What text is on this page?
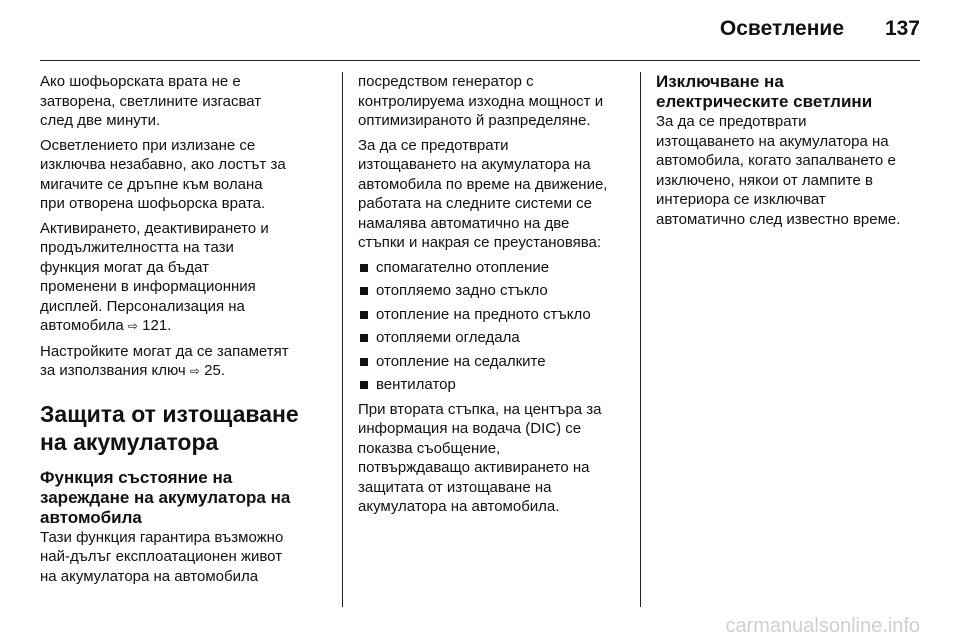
Осветление 137

Ако шофьорската врата не е
затворена, светлините изгасват
след две минути.

Осветлението при излизане се
изключва незабавно, ако лостът за
мигачите се дръпне към волана
при отворена шофьорска врата.

Активирането, деактивирането и
продължителността на тази
функция могат да бъдат
променени в информационния
дисплей. Персонализация на
автомобила ⇨ 121.

Настройките могат да се запаметят
за използвания ключ ⇨ 25.

Защита от изтощаване
на акумулатора
Функция състояние на
зареждане на акумулатора на
автомобила

Тази функция гарантира възможно
най-дълъг експлоатационен живот
на акумулатора на автомобила

посредством генератор с
контролируема изходна мощност и
оптимизираното й разпределяне.

За да се предотврати
изтощаването на акумулатора на
автомобила по време на движение,
работата на следните системи се
намалява автоматично на две
стъпки и накрая се преустановява:

спомагателно отопление
отопляемо задно стъкло
отопление на предното стъкло
отопляеми огледала
отопление на седалките
вентилатор

При втората стъпка, на центъра за
информация на водача (DIC) се
показва съобщение,
потвърждаващо активирането на
защитата от изтощаване на
акумулатора на автомобила.

Изключване на
електрическите светлини

За да се предотврати
изтощаването на акумулатора на
автомобила, когато запалването е
изключено, някои от лампите в
интериора се изключват
автоматично след известно време.

carmanualsonline.info
